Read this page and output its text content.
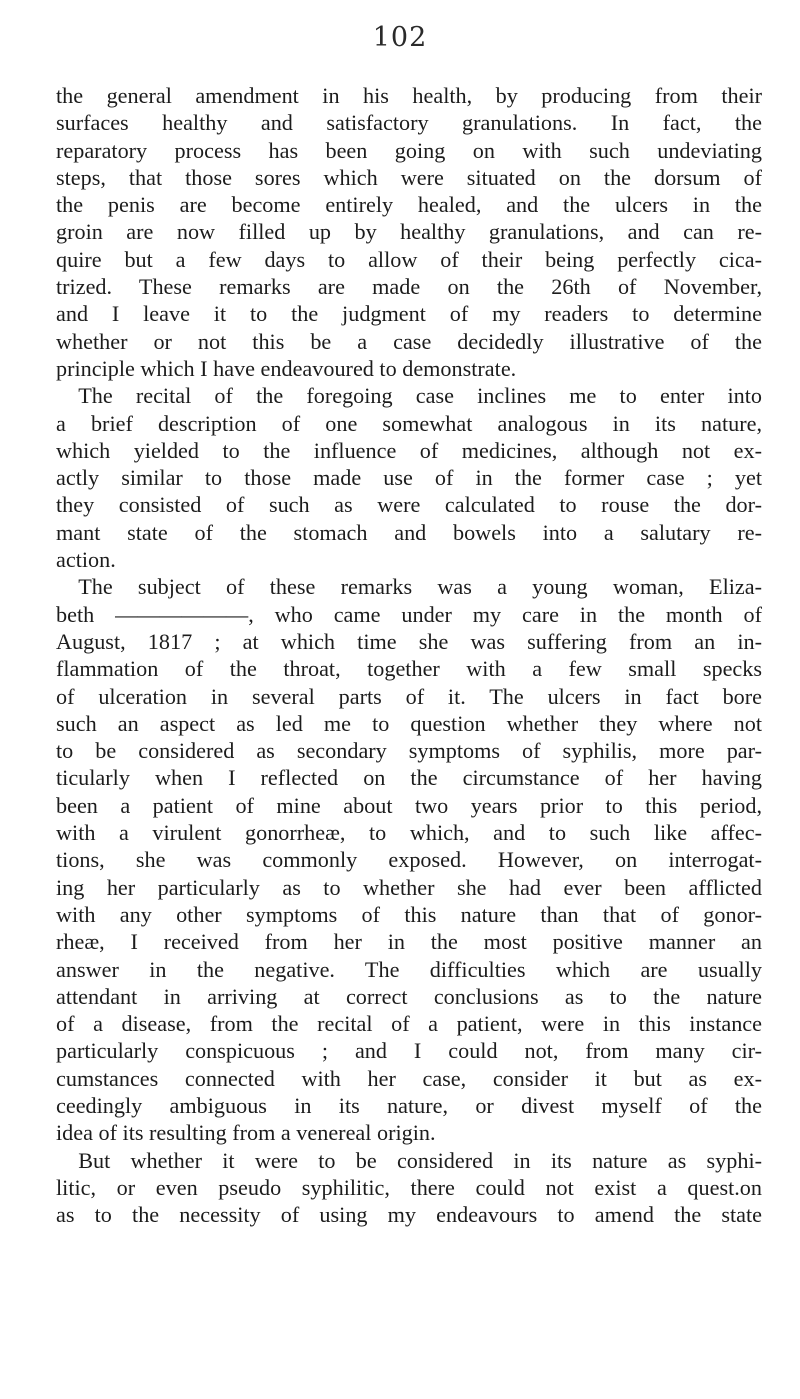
102
the general amendment in his health, by producing from their
surfaces healthy and satisfactory granulations. In fact, the
reparatory process has been going on with such undeviating
steps, that those sores which were situated on the dorsum of
the penis are become entirely healed, and the ulcers in the
groin are now filled up by healthy granulations, and can re-
quire but a few days to allow of their being perfectly cica-
trized. These remarks are made on the 26th of November,
and I leave it to the judgment of my readers to determine
whether or not this be a case decidedly illustrative of the
principle which I have endeavoured to demonstrate.
 The recital of the foregoing case inclines me to enter into
a brief description of one somewhat analogous in its nature,
which yielded to the influence of medicines, although not ex-
actly similar to those made use of in the former case ; yet
they consisted of such as were calculated to rouse the dor-
mant state of the stomach and bowels into a salutary re-
action.
 The subject of these remarks was a young woman, Eliza-
beth ——————, who came under my care in the month of
August, 1817 ; at which time she was suffering from an in-
flammation of the throat, together with a few small specks
of ulceration in several parts of it. The ulcers in fact bore
such an aspect as led me to question whether they where not
to be considered as secondary symptoms of syphilis, more par-
ticularly when I reflected on the circumstance of her having
been a patient of mine about two years prior to this period,
with a virulent gonorrheæ, to which, and to such like affec-
tions, she was commonly exposed. However, on interrogat-
ing her particularly as to whether she had ever been afflicted
with any other symptoms of this nature than that of gonor-
rheæ, I received from her in the most positive manner an
answer in the negative. The difficulties which are usually
attendant in arriving at correct conclusions as to the nature
of a disease, from the recital of a patient, were in this instance
particularly conspicuous ; and I could not, from many cir-
cumstances connected with her case, consider it but as ex-
ceedingly ambiguous in its nature, or divest myself of the
idea of its resulting from a venereal origin.
 But whether it were to be considered in its nature as syphi-
litic, or even pseudo syphilitic, there could not exist a quest.on
as to the necessity of using my endeavours to amend the state
